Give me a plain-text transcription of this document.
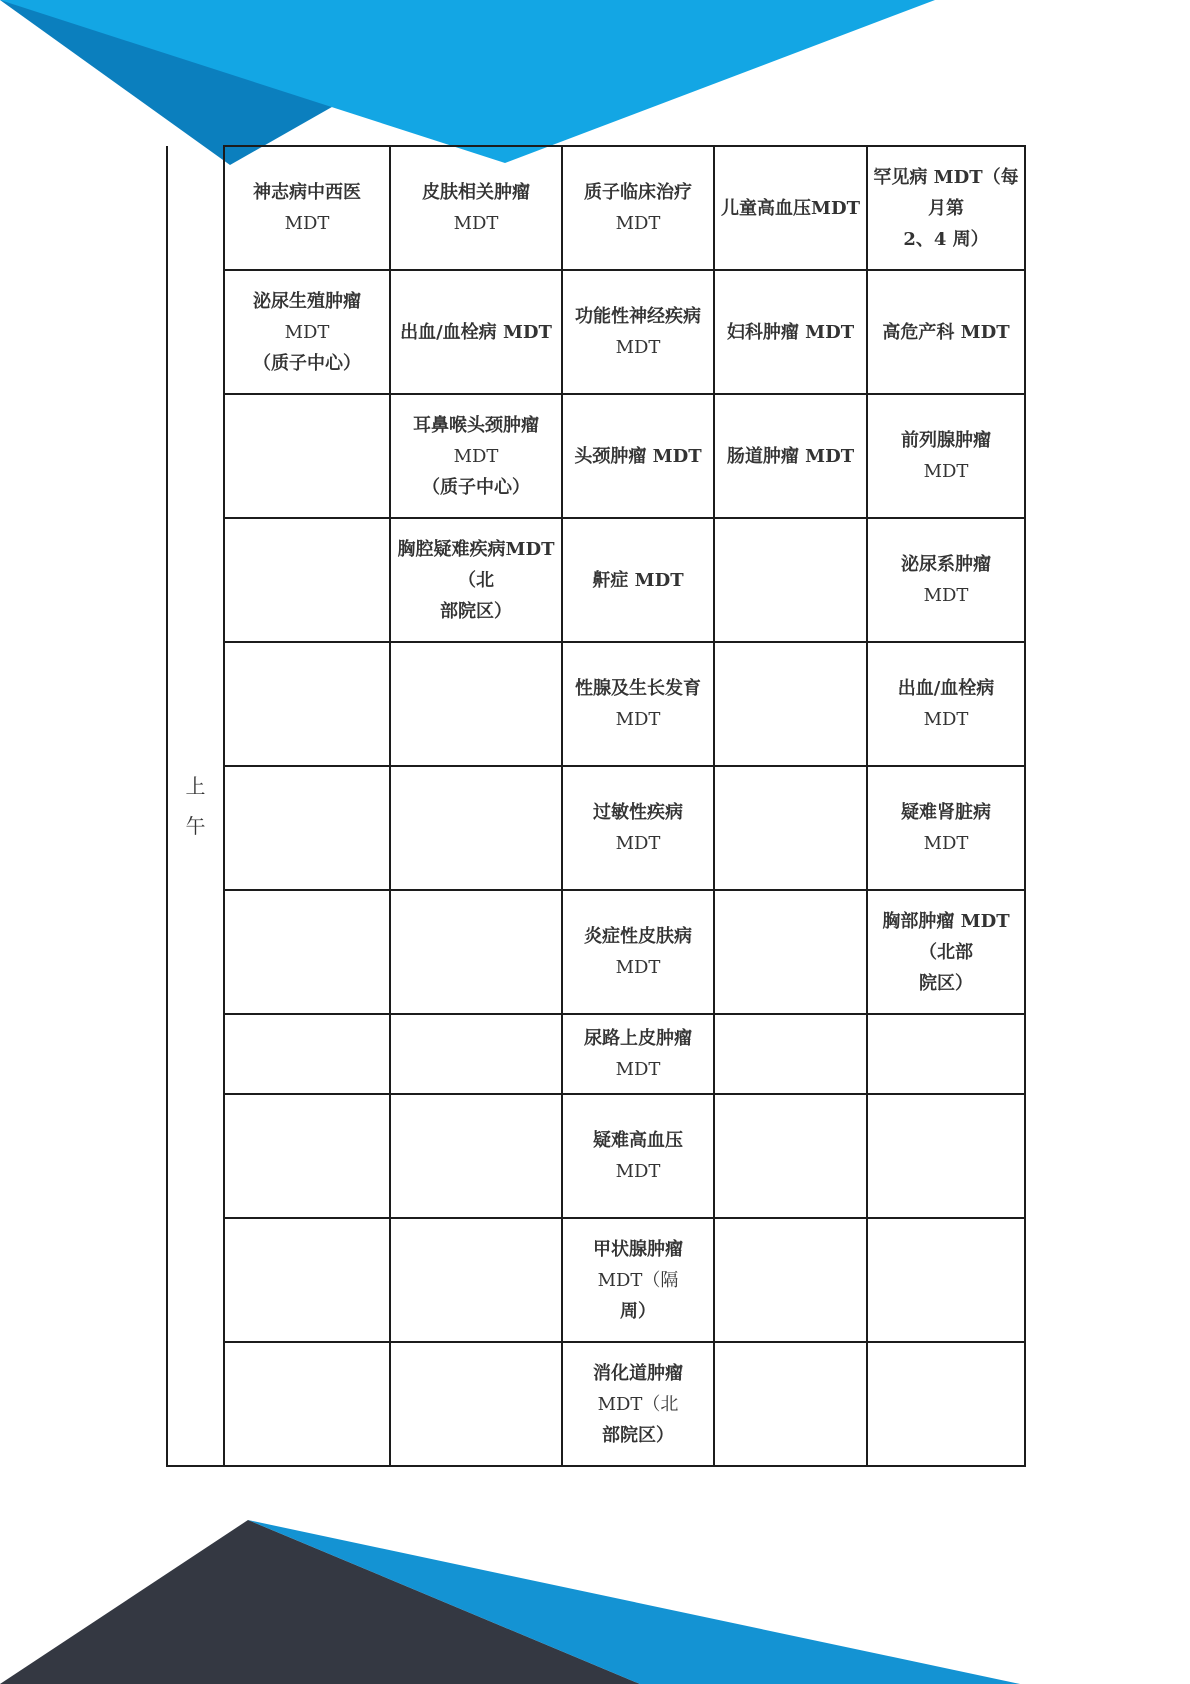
上
午	神志病中西医
MDT	皮肤相关肿瘤
MDT	质子临床治疗
MDT	儿童高血压MDT	罕见病 MDT（每
月第
2、4 周）

	泌尿生殖肿瘤
MDT
（质子中心）	出血/血栓病 MDT	功能性神经疾病
MDT	妇科肿瘤 MDT	高危产科 MDT

		耳鼻喉头颈肿瘤
MDT
（质子中心）	头颈肿瘤 MDT	肠道肿瘤 MDT	前列腺肿瘤
MDT

		胸腔疑难疾病MDT
（北
部院区）	鼾症 MDT		泌尿系肿瘤
MDT

			性腺及生长发育
MDT		出血/血栓病
MDT

			过敏性疾病
MDT		疑难肾脏病
MDT

			炎症性皮肤病
MDT		胸部肿瘤 MDT
（北部
院区）

			尿路上皮肿瘤
MDT		

			疑难高血压
MDT		

			甲状腺肿瘤
MDT（隔
周）		

			消化道肿瘤
MDT（北
部院区）		
